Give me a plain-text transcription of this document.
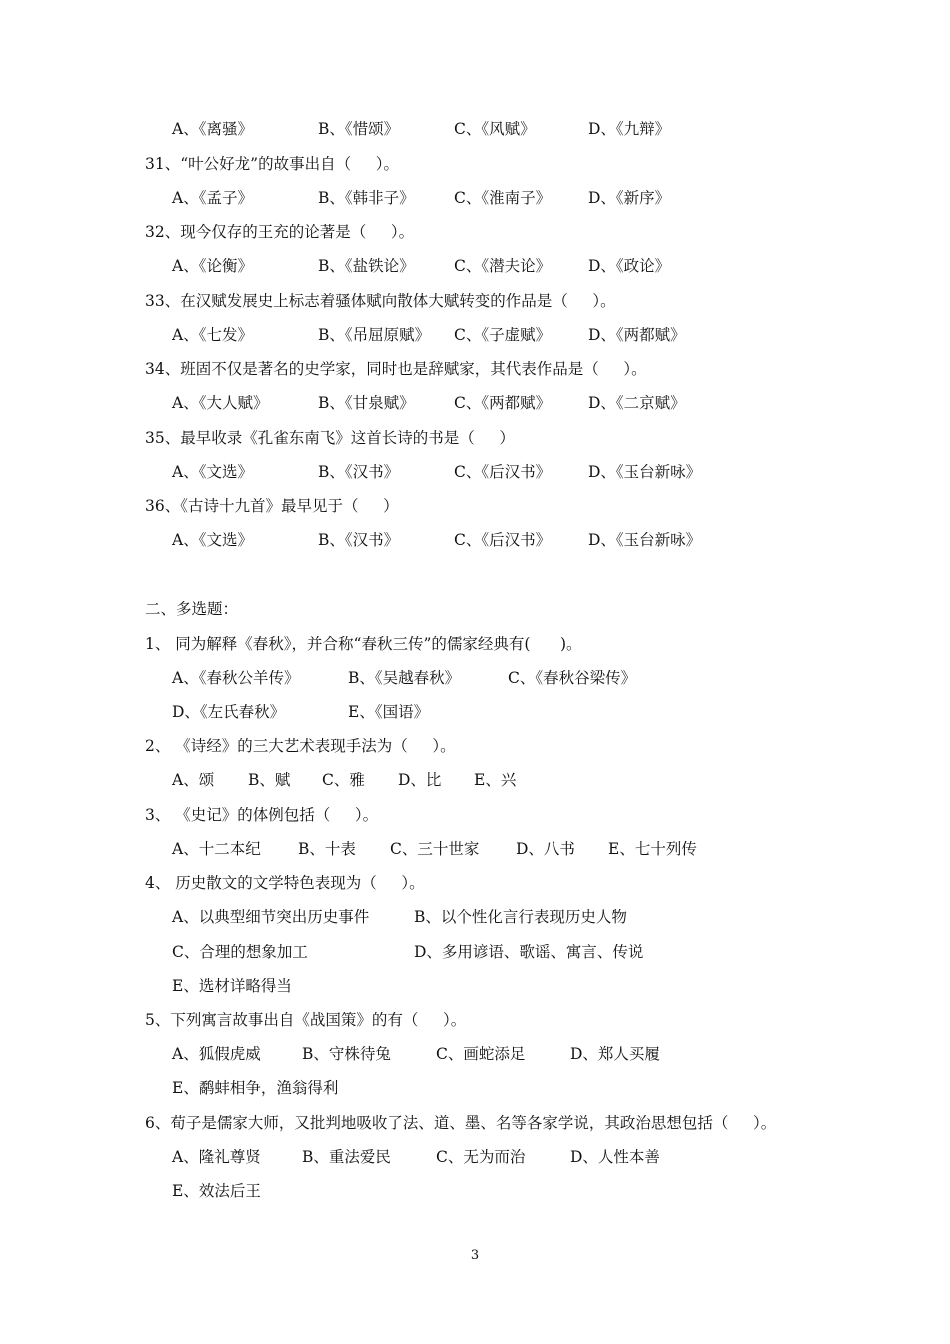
A、《离骚》	B、《惜颂》	C、《风赋》	D、《九辩》
31、“叶公好龙”的故事出自（     ）。
A、《孟子》	B、《韩非子》	C、《淮南子》 D、《新序》
32、现今仅存的王充的论著是（     ）。
A、《论衡》	B、《盐铁论》	C、《潜夫论》 D、《政论》
33、在汉赋发展史上标志着骚体赋向散体大赋转变的作品是（     ）。
A、《七发》	B、《吊屈原赋》 C、《子虚赋》 D、《两都赋》
34、班固不仅是著名的史学家，同时也是辞赋家，其代表作品是（     ）。
A、《大人赋》	B、《甘泉赋》	C、《两都赋》 D、《二京赋》
35、最早收录《孔雀东南飞》这首长诗的书是（     ）
A、《文选》	B、《汉书》	C、《后汉书》 D、《玉台新咏》
36、《古诗十九首》最早见于（     ）
A、《文选》	B、《汉书》	C、《后汉书》 D、《玉台新咏》
二、多选题：
1、 同为解释《春秋》，并合称“春秋三传”的儒家经典有(      )。
A、《春秋公羊传》	B、《吴越春秋》	C、《春秋谷梁传》
D、《左氏春秋》	E、《国语》
2、 《诗经》的三大艺术表现手法为（     ）。
A、颂 B、赋 C、雅 D、比 E、兴
3、 《史记》的体例包括（     ）。
A、十二本纪 B、十表 C、三十世家 D、八书 E、七十列传
4、 历史散文的文学特色表现为（     ）。
A、以典型细节突出历史事件	B、以个性化言行表现历史人物
C、合理的想象加工	D、多用谚语、歌谣、寓言、传说
E、选材详略得当
5、下列寓言故事出自《战国策》的有（     ）。
A、狐假虎威	B、守株待兔	C、画蛇添足	D、郑人买履
E、鹬蚌相争，渔翁得利
6、荀子是儒家大师，又批判地吸收了法、道、墨、名等各家学说，其政治思想包括（     ）。
A、隆礼尊贤	B、重法爱民	C、无为而治	D、人性本善
E、效法后王
3
